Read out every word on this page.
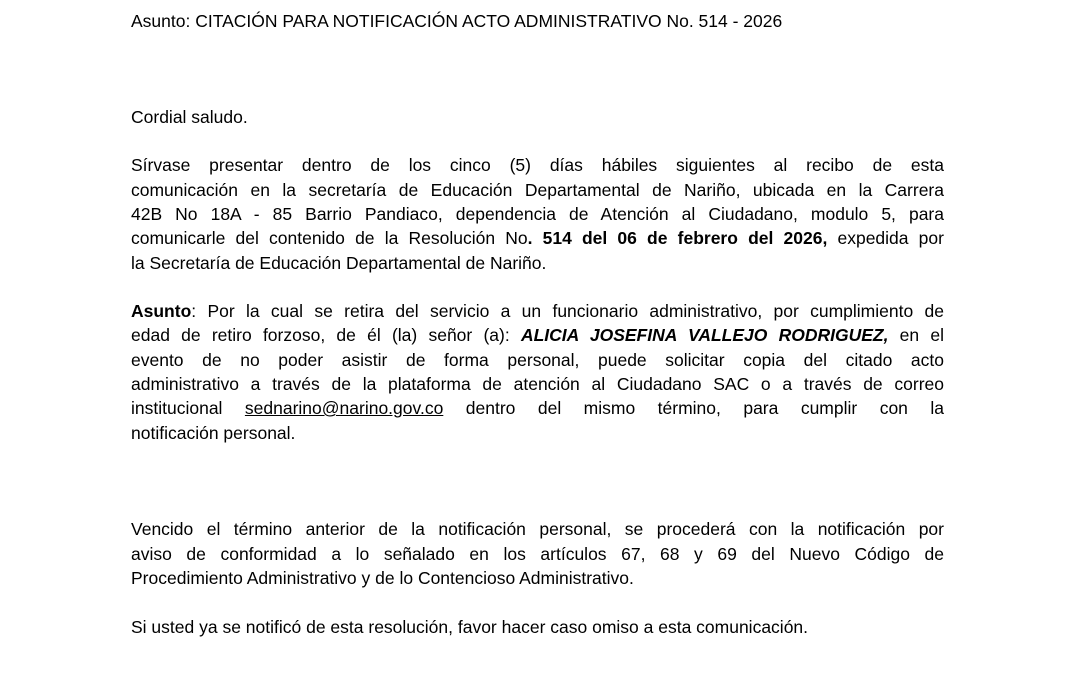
Asunto: CITACIÓN PARA NOTIFICACIÓN ACTO ADMINISTRATIVO No. 514 - 2026
Cordial saludo.
Sírvase presentar dentro de los cinco (5) días hábiles siguientes al recibo de esta
comunicación en la secretaría de Educación Departamental de Nariño, ubicada en la Carrera
42B No 18A - 85 Barrio Pandiaco, dependencia de Atención al Ciudadano, modulo 5, para
comunicarle del contenido de la Resolución No. 514 del 06 de febrero del 2026, expedida por
la Secretaría de Educación Departamental de Nariño.
Asunto: Por la cual se retira del servicio a un funcionario administrativo, por cumplimiento de
edad de retiro forzoso, de él (la) señor (a): ALICIA JOSEFINA VALLEJO RODRIGUEZ, en el
evento de no poder asistir de forma personal, puede solicitar copia del citado acto
administrativo a través de la plataforma de atención al Ciudadano SAC o a través de correo
institucional sednarino@narino.gov.co dentro del mismo término, para cumplir con la
notificación personal.
Vencido el término anterior de la notificación personal, se procederá con la notificación por
aviso de conformidad a lo señalado en los artículos 67, 68 y 69 del Nuevo Código de
Procedimiento Administrativo y de lo Contencioso Administrativo.
Si usted ya se notificó de esta resolución, favor hacer caso omiso a esta comunicación.
